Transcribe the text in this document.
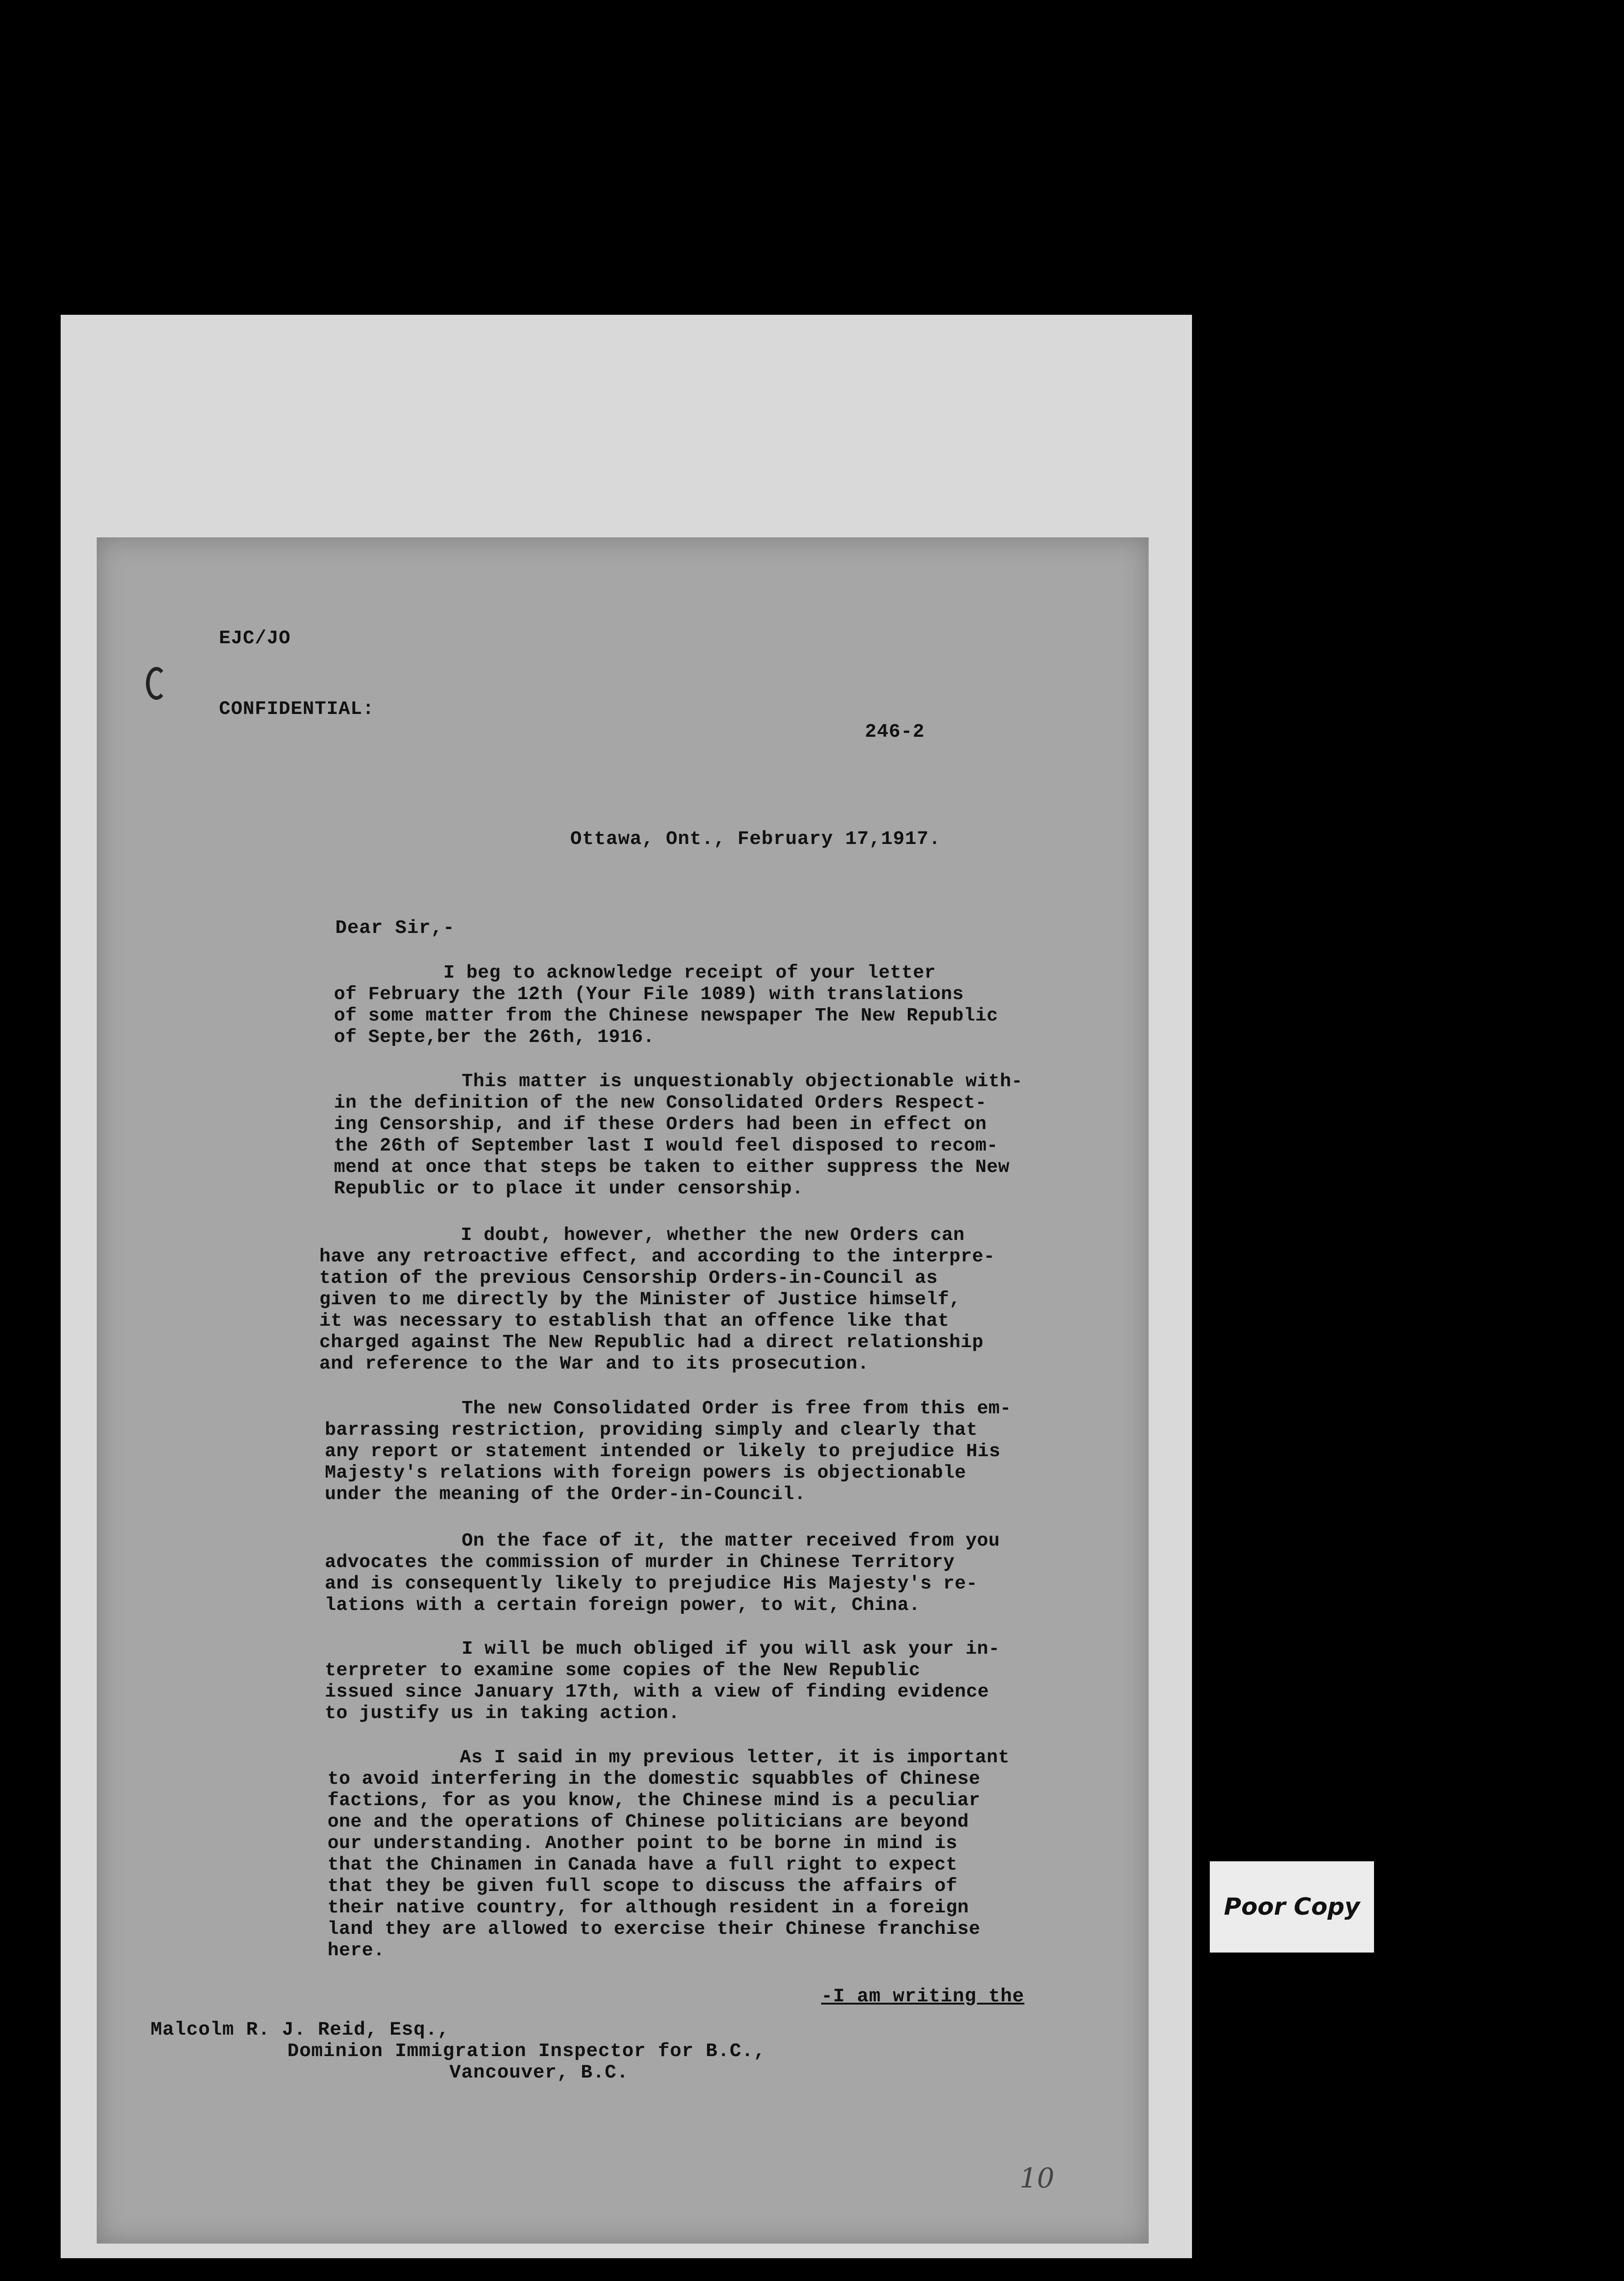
EJC/JO
CONFIDENTIAL:
246-2
Ottawa, Ont., February 17,1917.
Dear Sir,-
I beg to acknowledge receipt of your letter
of February the 12th (Your File 1089) with translations
of some matter from the Chinese newspaper The New Republic
of Septe,ber the 26th, 1916.
This matter is unquestionably objectionable with-
in the definition of the new Consolidated Orders Respect-
ing Censorship, and if these Orders had been in effect on
the 26th of September last I would feel disposed to recom-
mend at once that steps be taken to either suppress the New
Republic or to place it under censorship.
I doubt, however, whether the new Orders can
have any retroactive effect, and according to the interpre-
tation of the previous Censorship Orders-in-Council as
given to me directly by the Minister of Justice himself,
it was necessary to establish that an offence like that
charged against The New Republic had a direct relationship
and reference to the War and to its prosecution.
The new Consolidated Order is free from this em-
barrassing restriction, providing simply and clearly that
any report or statement intended or likely to prejudice His
Majesty's relations with foreign powers is objectionable
under the meaning of the Order-in-Council.
On the face of it, the matter received from you
advocates the commission of murder in Chinese Territory
and is consequently likely to prejudice His Majesty's re-
lations with a certain foreign power, to wit, China.
I will be much obliged if you will ask your in-
terpreter to examine some copies of the New Republic
issued since January 17th, with a view of finding evidence
to justify us in taking action.
As I said in my previous letter, it is important
to avoid interfering in the domestic squabbles of Chinese
factions, for as you know, the Chinese mind is a peculiar
one and the operations of Chinese politicians are beyond
our understanding. Another point to be borne in mind is
that the Chinamen in Canada have a full right to expect
that they be given full scope to discuss the affairs of
their native country, for although resident in a foreign
land they are allowed to exercise their Chinese franchise
here.
-I am writing the
Malcolm R. J. Reid, Esq.,
Dominion Immigration Inspector for B.C.,
Vancouver, B.C.
10
Poor Copy
